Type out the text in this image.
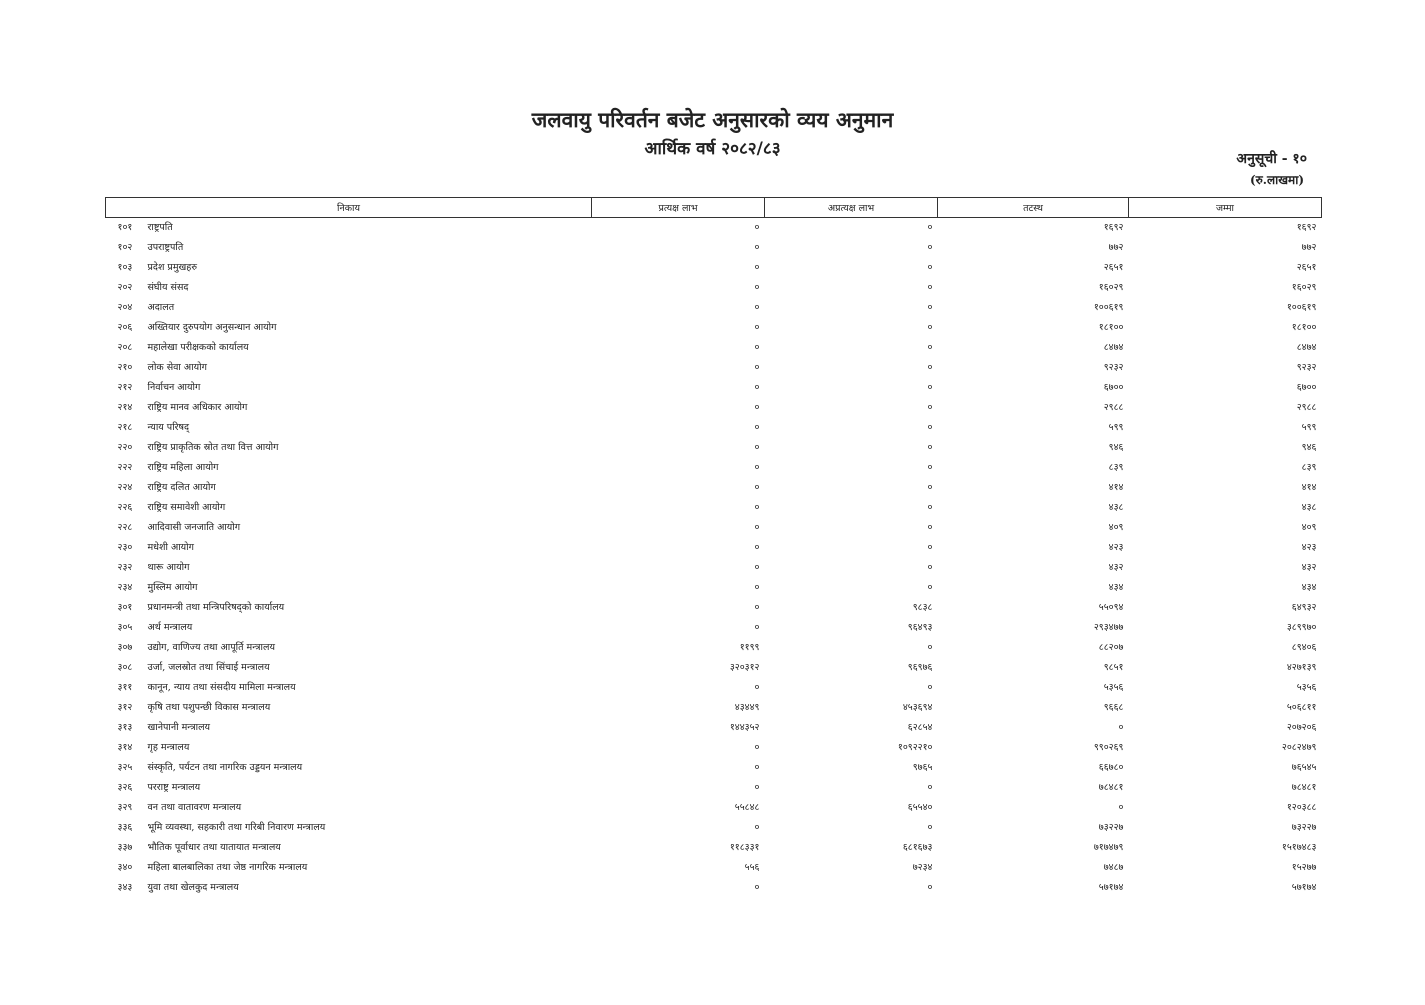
जलवायु परिवर्तन बजेट अनुसारको व्यय अनुमान
आर्थिक वर्ष २०८२/८३	अनुसूची - १०
(रु.लाखमा)
निकाय	प्रत्यक्ष लाभ	अप्रत्यक्ष लाभ	तटस्थ	जम्मा
१०१ राष्ट्रपति	०	०	१६९२	१६९२
१०२ उपराष्ट्रपति	०	०	७७२	७७२
१०३ प्रदेश प्रमुखहरु	०	०	२६५१	२६५१
२०२ संघीय संसद	०	०	१६०२९	१६०२९
२०४ अदालत	०	०	१००६१९	१००६१९
२०६ अख्तियार दुरुपयोग अनुसन्धान आयोग	०	०	१८१००	१८१००
२०८ महालेखा परीक्षकको कार्यालय	०	०	८४७४	८४७४
२१० लोक सेवा आयोग	०	०	९२३२	९२३२
२१२ निर्वाचन आयोग	०	०	६७००	६७००
२१४ राष्ट्रिय मानव अधिकार आयोग	०	०	२९८८	२९८८
२१८ न्याय परिषद्	०	०	५९९	५९९
२२० राष्ट्रिय प्राकृतिक स्रोत तथा वित्त आयोग	०	०	९४६	९४६
२२२ राष्ट्रिय महिला आयोग	०	०	८३९	८३९
२२४ राष्ट्रिय दलित आयोग	०	०	४१४	४१४
२२६ राष्ट्रिय समावेशी आयोग	०	०	४३८	४३८
२२८ आदिवासी जनजाति आयोग	०	०	४०९	४०९
२३० मधेशी आयोग	०	०	४२३	४२३
२३२ थारू आयोग	०	०	४३२	४३२
२३४ मुस्लिम आयोग	०	०	४३४	४३४
३०१ प्रधानमन्त्री तथा मन्त्रिपरिषद्को कार्यालय	०	९८३८	५५०९४	६४९३२
३०५ अर्थ मन्त्रालय	०	९६४९३	२९३४७७	३८९९७०
३०७ उद्योग, वाणिज्य तथा आपूर्ति मन्त्रालय	११९९	०	८८२०७	८९४०६
३०८ उर्जा, जलस्रोत तथा सिंचाई मन्त्रालय	३२०३१२	९६९७६	९८५१	४२७१३९
३११ कानून, न्याय तथा संसदीय मामिला मन्त्रालय	०	०	५३५६	५३५६
३१२ कृषि तथा पशुपन्छी विकास मन्त्रालय	४३४४९	४५३६९४	९६६८	५०६८११
३१३ खानेपानी मन्त्रालय	१४४३५२	६२८५४	०	२०७२०६
३१४ गृह मन्त्रालय	०	१०९२२१०	९९०२६९	२०८२४७९
३२५ संस्कृति, पर्यटन तथा नागरिक उड्डयन मन्त्रालय	०	९७६५	६६७८०	७६५४५
३२६ परराष्ट्र मन्त्रालय	०	०	७८४८१	७८४८१
३२९ वन तथा वातावरण मन्त्रालय	५५८४८	६५५४०	०	१२०३८८
३३६ भूमि व्यवस्था, सहकारी तथा गरिबी निवारण मन्त्रालय	०	०	७३२२७	७३२२७
३३७ भौतिक पूर्वाधार तथा यातायात मन्त्रालय	११८३३१	६८१६७३	७१७४७९	१५१७४८३
३४० महिला बालबालिका तथा जेष्ठ नागरिक मन्त्रालय	५५६	७२३४	७४८७	१५२७७
३४३ युवा तथा खेलकुद मन्त्रालय	०	०	५७१७४	५७१७४
